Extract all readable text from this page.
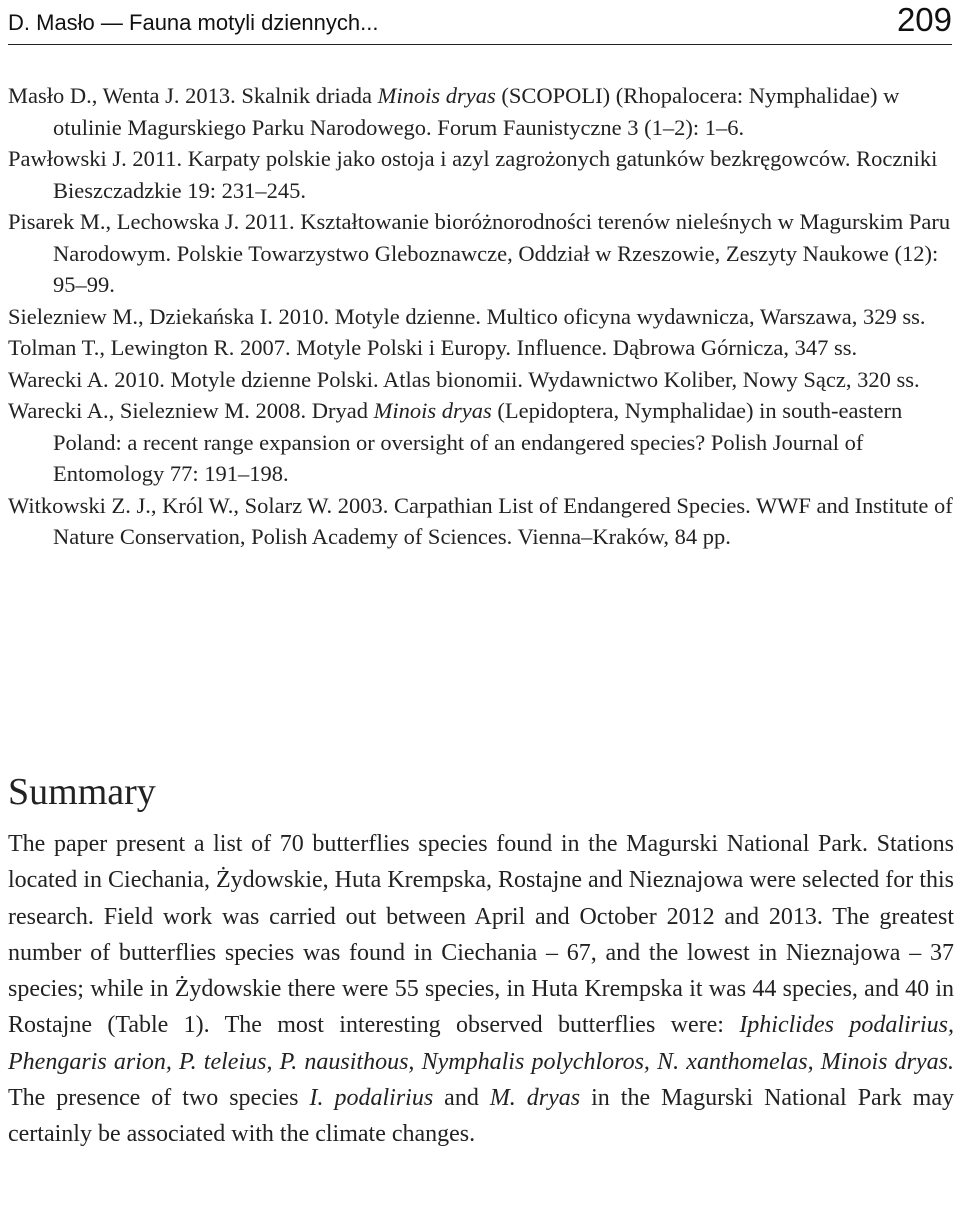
D. Masło — Fauna motyli dziennych...	209

Masło D., Wenta J. 2013. Skalnik driada Minois dryas (SCOPOLI) (Rhopalocera: Nymphalidae) w otulinie Magurskiego Parku Narodowego. Forum Faunistyczne 3 (1–2): 1–6.

Pawłowski J. 2011. Karpaty polskie jako ostoja i azyl zagrożonych gatunków bezkręgowców. Roczniki Bieszczadzkie 19: 231–245.

Pisarek M., Lechowska J. 2011. Kształtowanie bioróżnorodności terenów nieleśnych w Magurskim Paru Narodowym. Polskie Towarzystwo Gleboznawcze, Oddział w Rzeszowie, Zeszyty Naukowe (12): 95–99.

Sielezniew M., Dziekańska I. 2010. Motyle dzienne. Multico oficyna wydawnicza, Warszawa, 329 ss.

Tolman T., Lewington R. 2007. Motyle Polski i Europy. Influence. Dąbrowa Górnicza, 347 ss.

Warecki A. 2010. Motyle dzienne Polski. Atlas bionomii. Wydawnictwo Koliber, Nowy Sącz, 320 ss.

Warecki A., Sielezniew M. 2008. Dryad Minois dryas (Lepidoptera, Nymphalidae) in south-eastern Poland: a recent range expansion or oversight of an endangered species? Polish Journal of Entomology 77: 191–198.

Witkowski Z. J., Król W., Solarz W. 2003. Carpathian List of Endangered Species. WWF and Institute of Nature Conservation, Polish Academy of Sciences. Vienna–Kraków, 84 pp.

Summary

The paper present a list of 70 butterflies species found in the Magurski National Park. Stations located in Ciechania, Żydowskie, Huta Krempska, Rostajne and Nieznajowa were selected for this research. Field work was carried out between April and October 2012 and 2013. The greatest number of butterflies species was found in Ciechania – 67, and the lowest in Nieznajowa – 37 species; while in Żydowskie there were 55 species, in Huta Krempska it was 44 species, and 40 in Rostajne (Table 1). The most interesting observed butterflies were: Iphiclides podalirius, Phengaris arion, P. teleius, P. nausithous, Nymphalis polychloros, N. xanthomelas, Minois dryas. The presence of two species I. podalirius and M. dryas in the Magurski National Park may certainly be associated with the climate changes.
